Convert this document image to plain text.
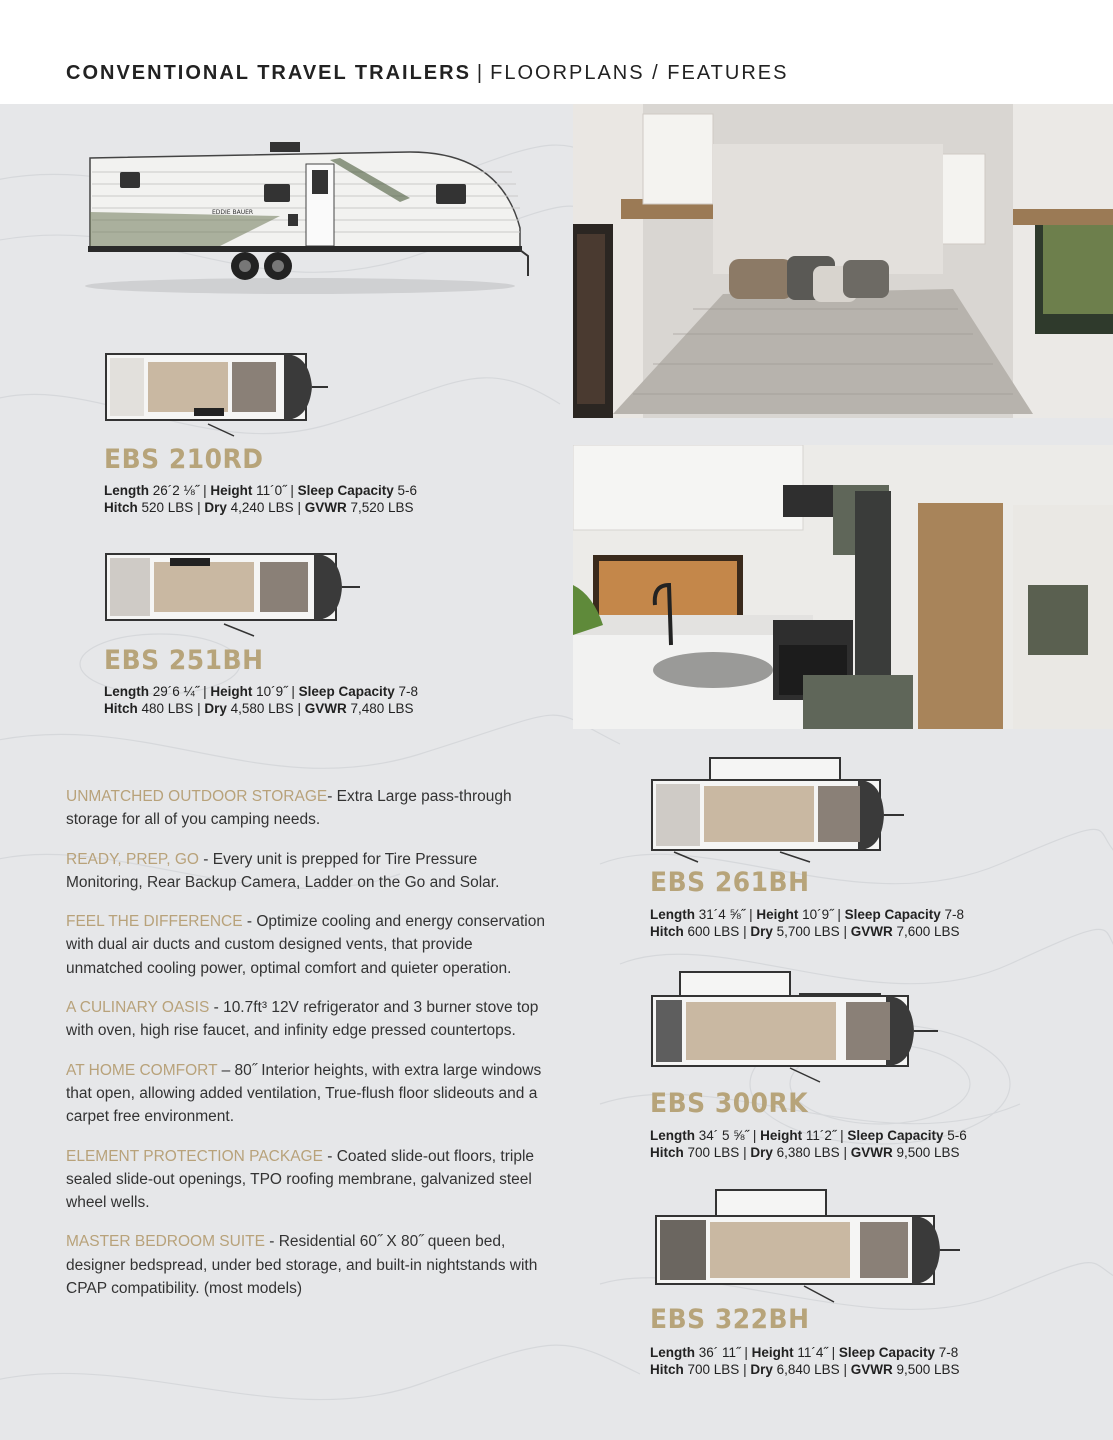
CONVENTIONAL TRAVEL TRAILERS | FLOORPLANS / FEATURES
EDDIE BAUER
EBS 210RD
Length 26´2 ⅛˝ | Height 11´0˝ | Sleep Capacity 5-6
Hitch 520 LBS | Dry 4,240 LBS | GVWR 7,520 LBS
EBS 251BH
Length 29´6 ¼˝ | Height 10´9˝ | Sleep Capacity 7-8
Hitch 480 LBS | Dry 4,580 LBS | GVWR 7,480 LBS
EBS 261BH
Length 31´4 ⅝˝ | Height 10´9˝ | Sleep Capacity 7-8
Hitch 600 LBS | Dry 5,700 LBS | GVWR 7,600 LBS
EBS 300RK
Length 34´ 5 ⅝˝ | Height 11´2˝ | Sleep Capacity 5-6
Hitch 700 LBS | Dry 6,380 LBS | GVWR 9,500 LBS
EBS 322BH
Length 36´ 11˝ | Height 11´4˝ | Sleep Capacity 7-8
Hitch 700 LBS | Dry 6,840 LBS | GVWR 9,500 LBS

UNMATCHED OUTDOOR STORAGE- Extra Large pass-through storage for all of you camping needs.

READY, PREP, GO - Every unit is prepped for Tire Pressure Monitoring, Rear Backup Camera, Ladder on the Go and Solar.

FEEL THE DIFFERENCE - Optimize cooling and energy conservation with dual air ducts and custom designed vents, that provide unmatched cooling power, optimal comfort and quieter operation.

A CULINARY OASIS - 10.7ft³ 12V refrigerator and 3 burner stove top with oven, high rise faucet, and infinity edge pressed countertops.

AT HOME COMFORT – 80˝ Interior heights, with extra large windows that open, allowing added ventilation, True-flush floor slideouts and a carpet free environment.

ELEMENT PROTECTION PACKAGE - Coated slide-out floors, triple sealed slide-out openings, TPO roofing membrane, galvanized steel wheel wells.

MASTER BEDROOM SUITE - Residential 60˝ X 80˝ queen bed, designer bedspread, under bed storage, and built-in nightstands with CPAP compatibility. (most models)
